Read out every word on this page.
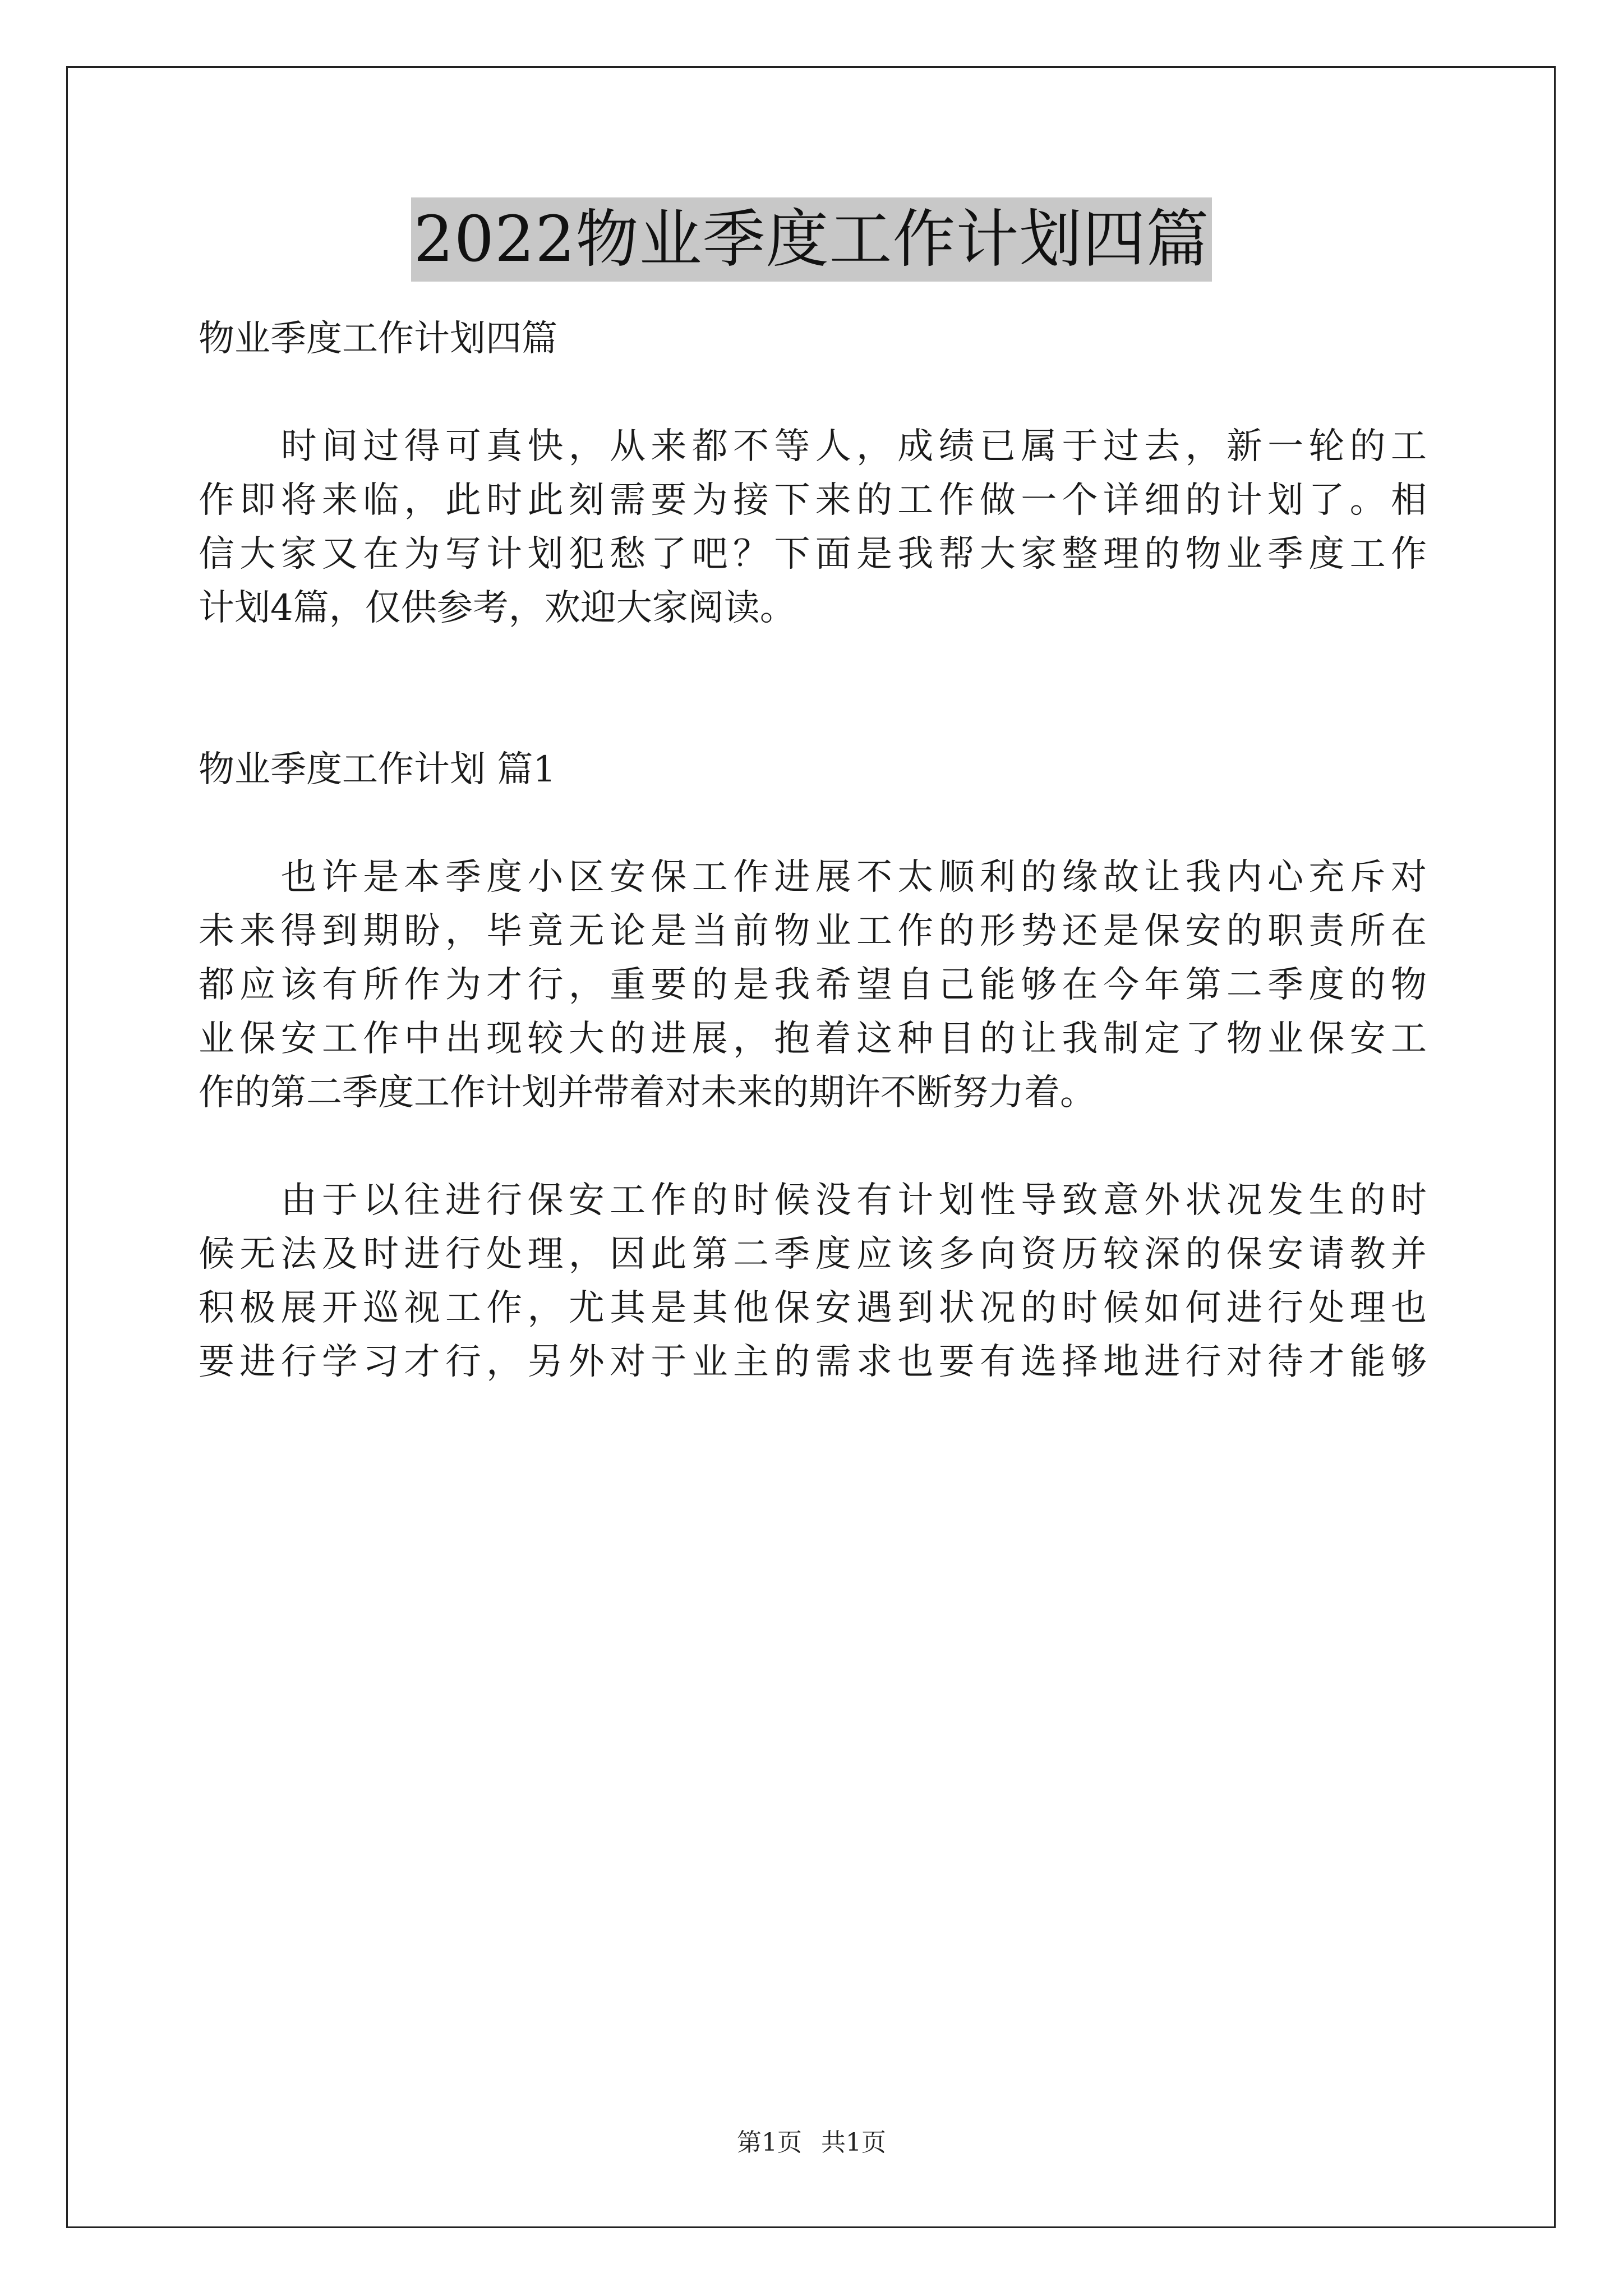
2022物业季度工作计划四篇
物业季度工作计划四篇
　　时间过得可真快，从来都不等人，成绩已属于过去，新一轮的工
作即将来临，此时此刻需要为接下来的工作做一个详细的计划了。相
信大家又在为写计划犯愁了吧？下面是我帮大家整理的物业季度工作
计划4篇，仅供参考，欢迎大家阅读。
物业季度工作计划 篇1
　　也许是本季度小区安保工作进展不太顺利的缘故让我内心充斥对
未来得到期盼，毕竟无论是当前物业工作的形势还是保安的职责所在
都应该有所作为才行，重要的是我希望自己能够在今年第二季度的物
业保安工作中出现较大的进展，抱着这种目的让我制定了物业保安工
作的第二季度工作计划并带着对未来的期许不断努力着。
　　由于以往进行保安工作的时候没有计划性导致意外状况发生的时
候无法及时进行处理，因此第二季度应该多向资历较深的保安请教并
积极展开巡视工作，尤其是其他保安遇到状况的时候如何进行处理也
要进行学习才行，另外对于业主的需求也要有选择地进行对待才能够
第1页 共1页
